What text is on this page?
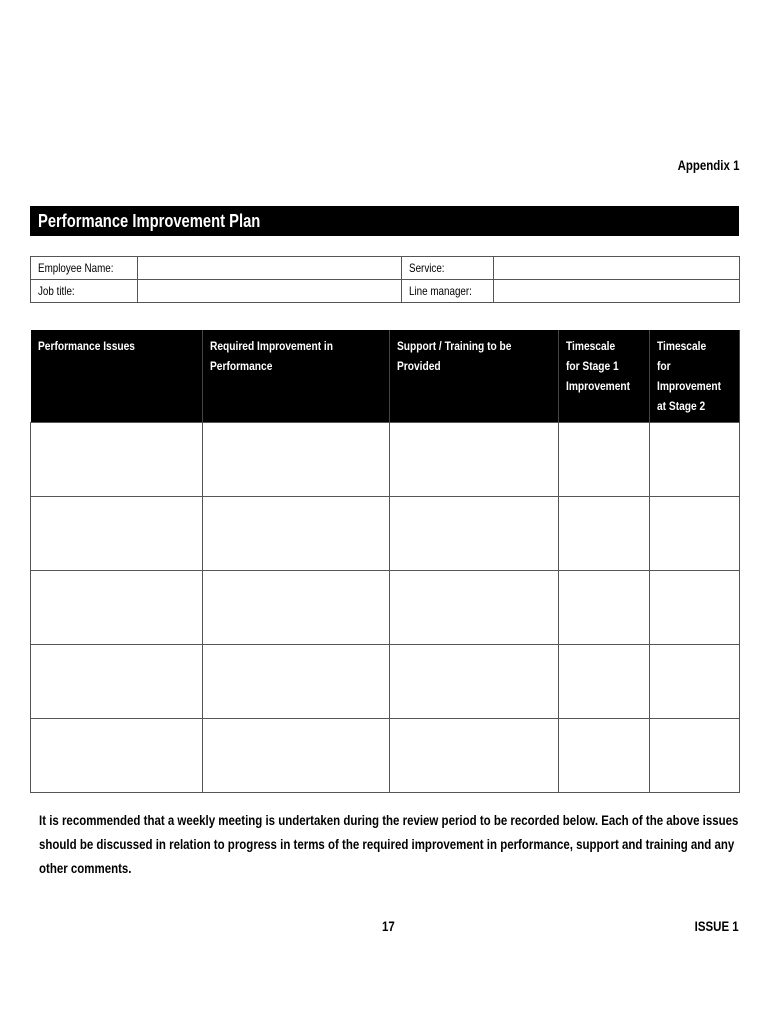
Appendix 1
Performance Improvement Plan
Employee Name:		Service:	
Job title:		Line manager:	
Performance Issues	Required Improvement in Performance	Support / Training to be Provided	Timescale for Stage 1 Improvement	Timescale for Improvement at Stage 2

It is recommended that a weekly meeting is undertaken during the review period to be recorded below. Each of the above issues should be discussed in relation to progress in terms of the required improvement in performance, support and training and any other comments.
17	ISSUE 1
